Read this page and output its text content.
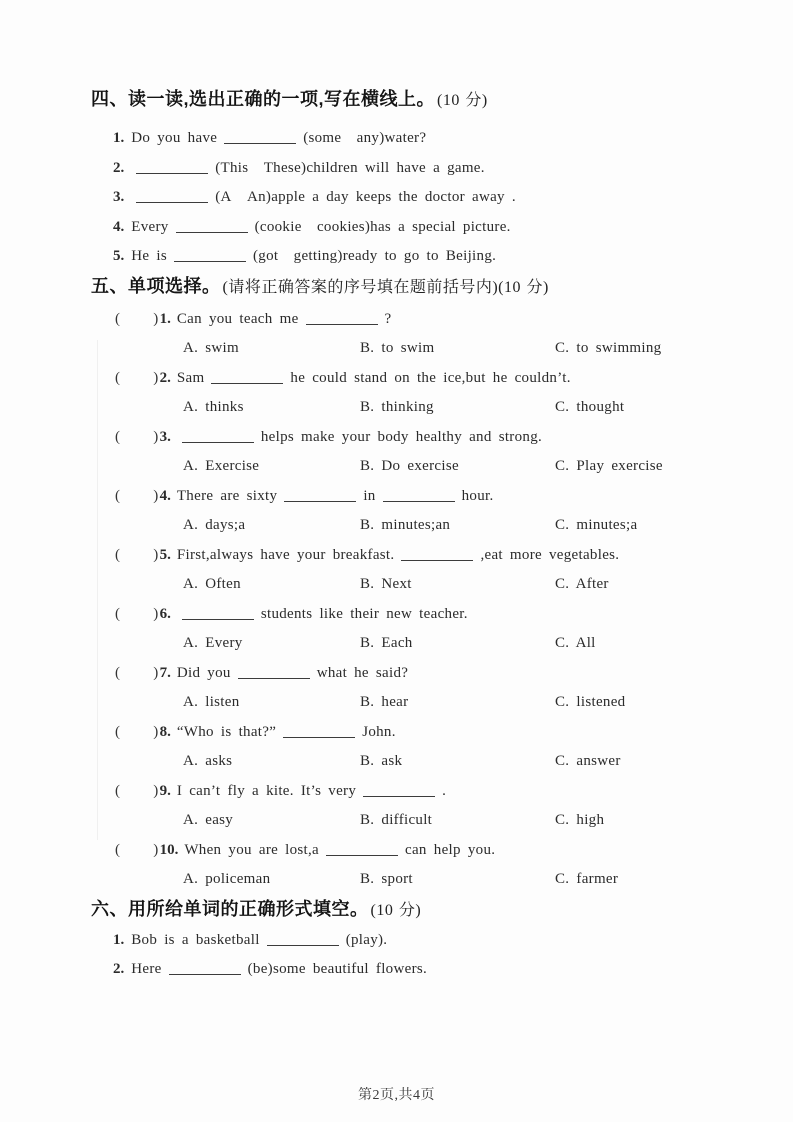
四、读一读,选出正确的一项,写在横线上。 (10 分)
1. Do you have	(some any)water?
2.	(This These)children will have a game.
3.	(A An)apple a day keeps the doctor away .
4. Every	(cookie cookies)has a special picture.
5. He is	(got getting)ready to go to Beijing.
五、单项选择。 (请将正确答案的序号填在题前括号内)(10 分)
( )1. Can you teach me	?
A. swim	B. to swim	C. to swimming
( )2. Sam	he could stand on the ice,but he couldn’t.
A. thinks	B. thinking	C. thought
( )3.	helps make your body healthy and strong.
A. Exercise	B. Do exercise	C. Play exercise
( )4. There are sixty	in	hour.
A. days;a	B. minutes;an	C. minutes;a
( )5. First,always have your breakfast.	,eat more vegetables.
A. Often	B. Next	C. After
( )6.	students like their new teacher.
A. Every	B. Each	C. All
( )7. Did you	what he said?
A. listen	B. hear	C. listened
( )8. “Who is that?”	John.
A. asks	B. ask	C. answer
( )9. I can’t fly a kite. It’s very	.
A. easy	B. difficult	C. high
( )10. When you are lost,a	can help you.
A. policeman	B. sport	C. farmer
六、用所给单词的正确形式填空。 (10 分)
1. Bob is a basketball	(play).
2. Here	(be)some beautiful flowers.
第2页,共4页
